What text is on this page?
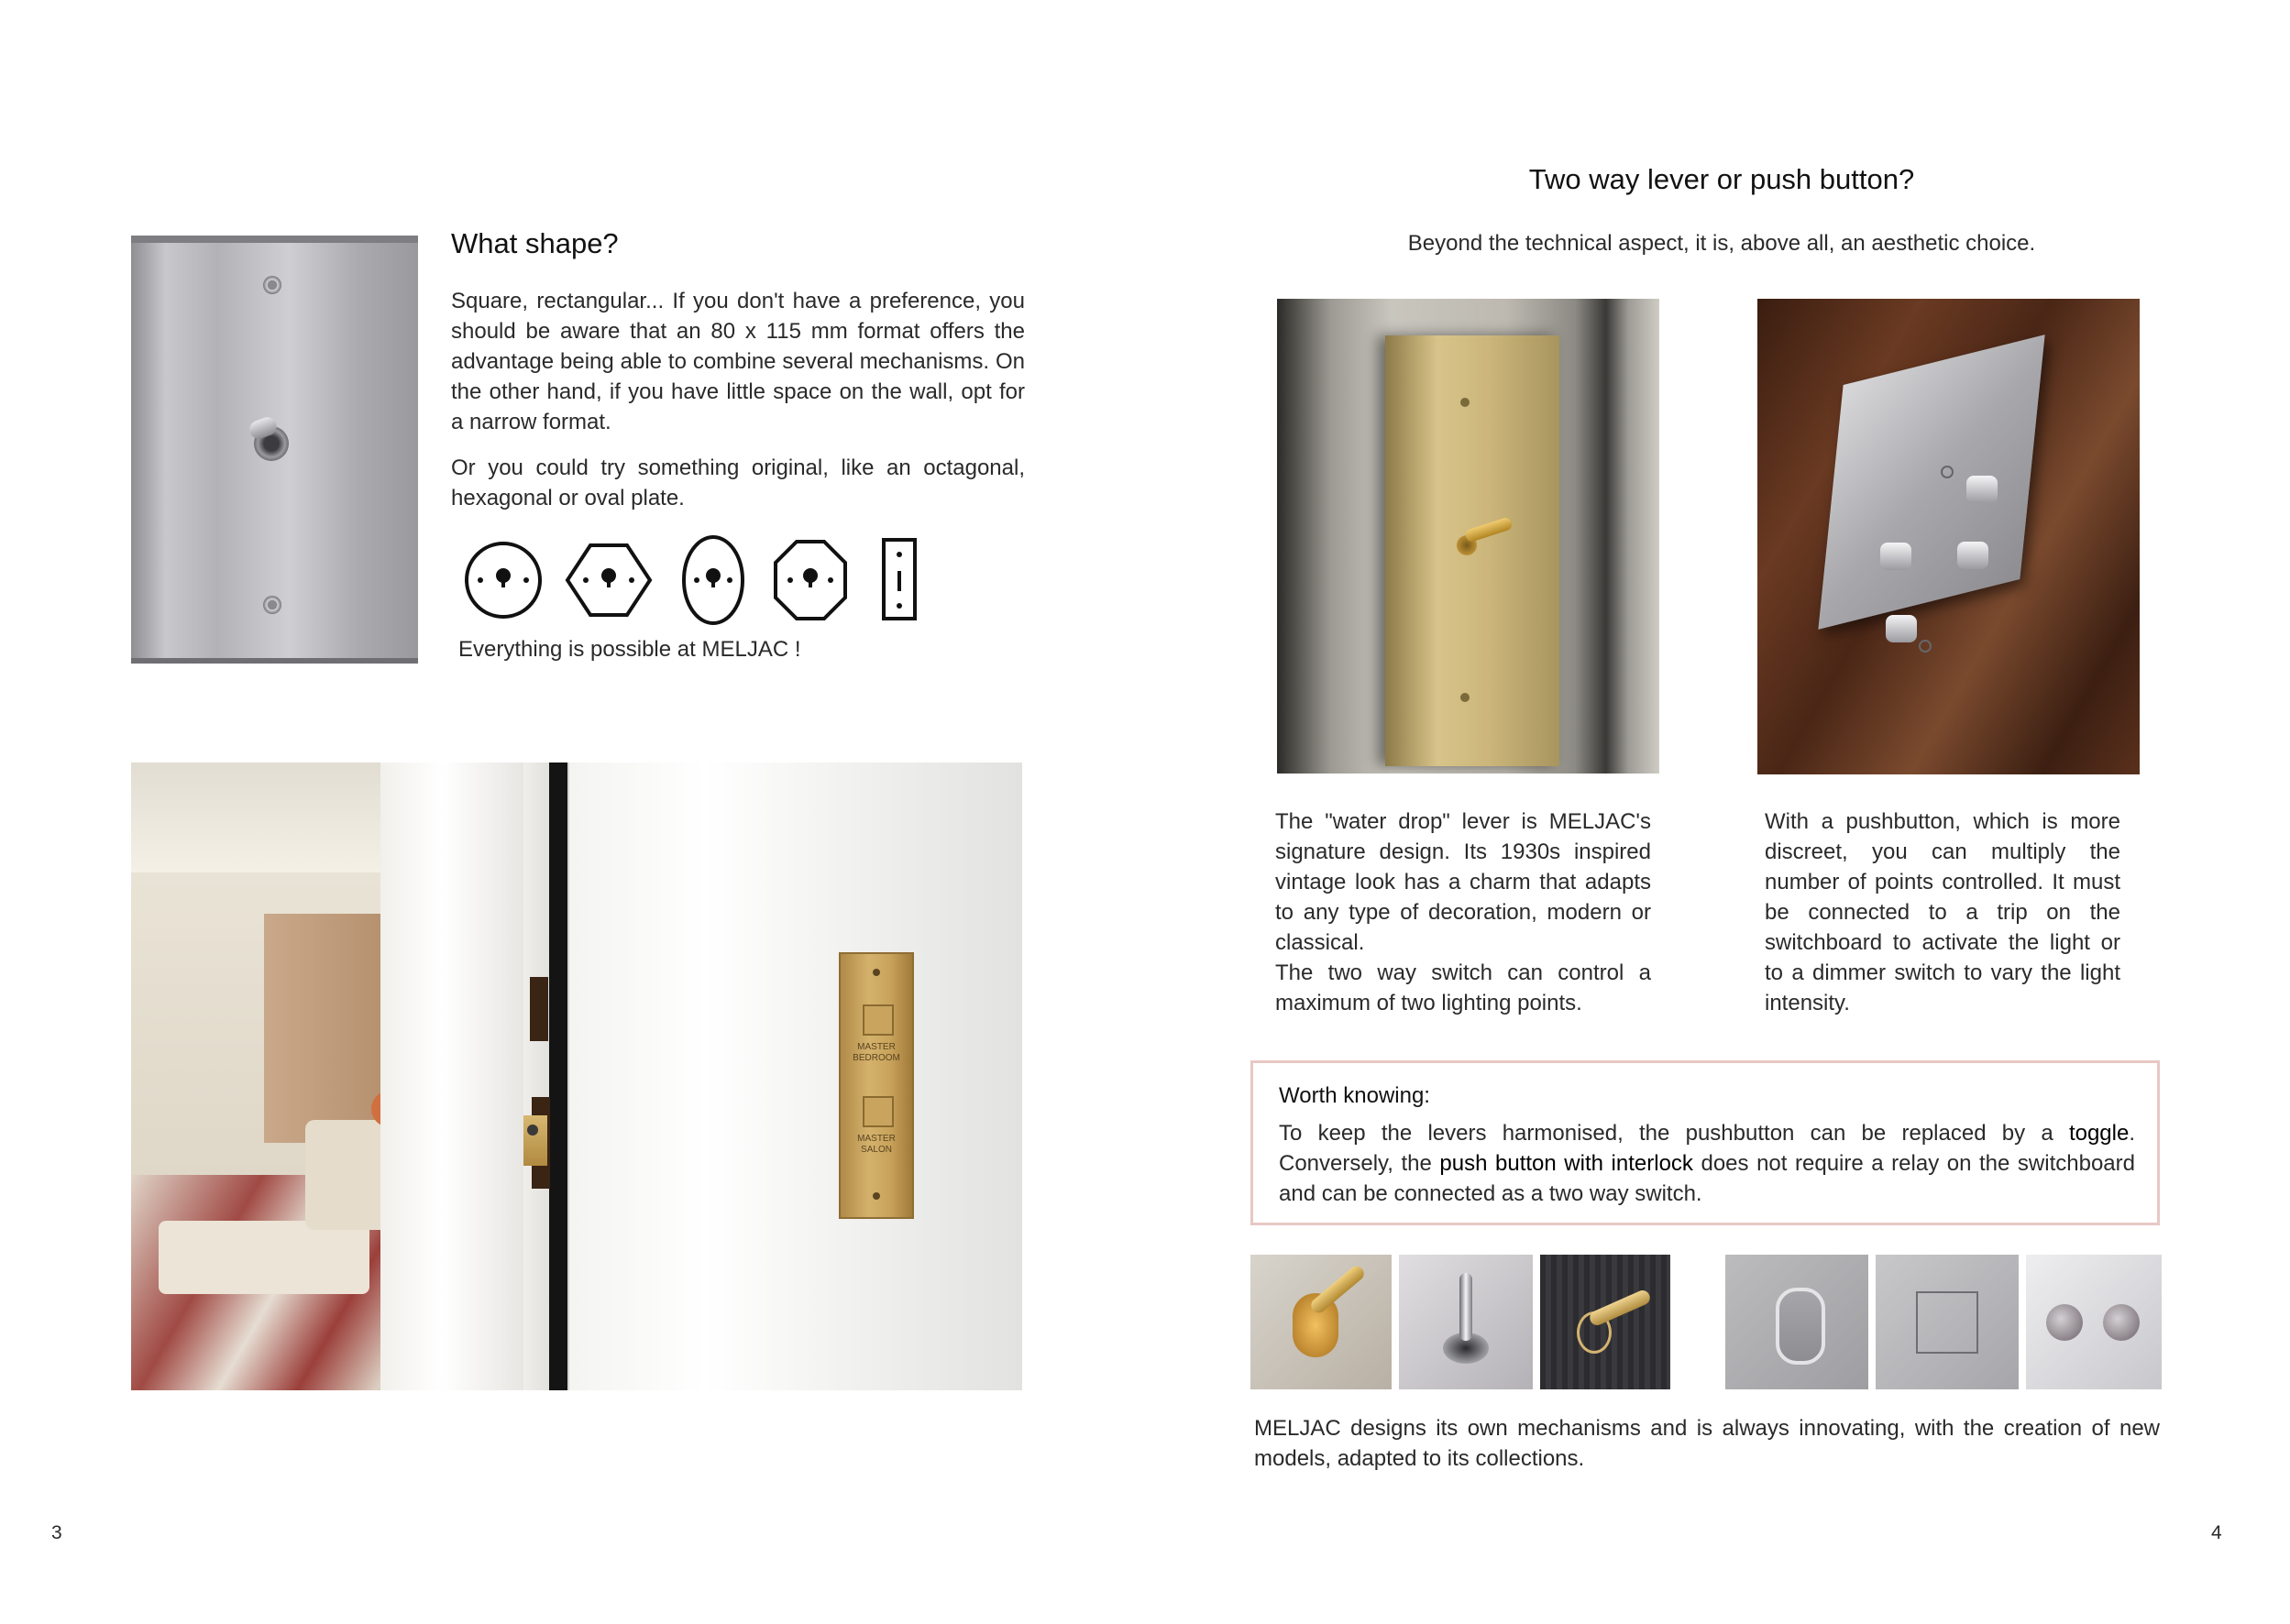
What shape?
Square, rectangular... If you don't have a preference, you should be aware that an 80 x 115 mm format offers the advantage being able to combine several mechanisms. On the other hand, if you have little space on the wall, opt for a narrow format.
Or you could try something original, like an octagonal, hexagonal or oval plate.
Everything is possible at MELJAC !
MASTER BEDROOM
MASTER SALON
3
Two way lever or push button?
Beyond the technical aspect, it is, above all, an aesthetic choice.
The "water drop" lever is MELJAC's signature design. Its 1930s inspired vintage look has a charm that adapts to any type of decoration, modern or classical.
The two way switch can control a maximum of two lighting points.
With a pushbutton, which is more discreet, you can multiply the number of points controlled. It must be connected to a trip on the switchboard to activate the light or to a dimmer switch to vary the light intensity.
Worth knowing:
To keep the levers harmonised, the pushbutton can be replaced by a toggle. Conversely, the push button with interlock does not require a relay on the switchboard and can be connected as a two way switch.
MELJAC designs its own mechanisms and is always innovating, with the creation of new models, adapted to its collections.
4
